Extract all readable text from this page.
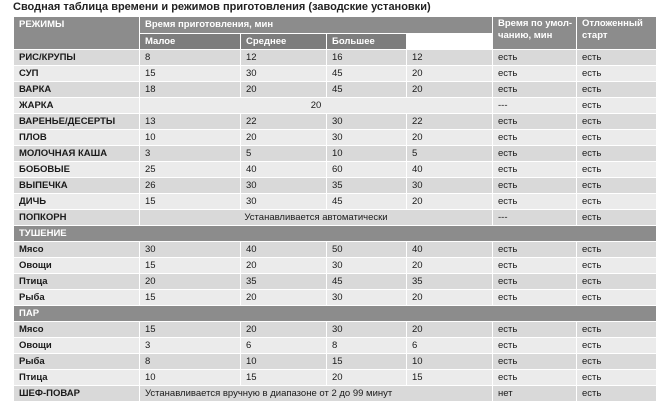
Сводная таблица времени и режимов приготовления (заводские установки)
РЕЖИМЫ	Время приготовления, мин				Время по умол-
чанию, мин	Отложенный
старт	
	Малое	Среднее	Большее				
РИС/КРУПЫ	8	12	16	12	есть	есть	
СУП	15	30	45	20	есть	есть	
ВАРКА	18	20	45	20	есть	есть	
ЖАРКА	20				---	есть	
ВАРЕНЬЕ/ДЕСЕРТЫ	13	22	30	22	есть	есть	
ПЛОВ	10	20	30	20	есть	есть	
МОЛОЧНАЯ КАША	3	5	10	5	есть	есть	
БОБОВЫЕ	25	40	60	40	есть	есть	
ВЫПЕЧКА	26	30	35	30	есть	есть	
ДИЧЬ	15	30	45	20	есть	есть	
ПОПКОРН	Устанавливается автоматически				---	есть	
ТУШЕНИЕ							
Мясо	30	40	50	40	есть	есть	
Овощи	15	20	30	20	есть	есть	
Птица	20	35	45	35	есть	есть	
Рыба	15	20	30	20	есть	есть	
ПАР							
Мясо	15	20	30	20	есть	есть	
Овощи	3	6	8	6	есть	есть	
Рыба	8	10	15	10	есть	есть	
Птица	10	15	20	15	есть	есть	
ШЕФ-ПОВАР	Устанавливается вручную в диапазоне от 2 до 99 минут				нет	есть	
